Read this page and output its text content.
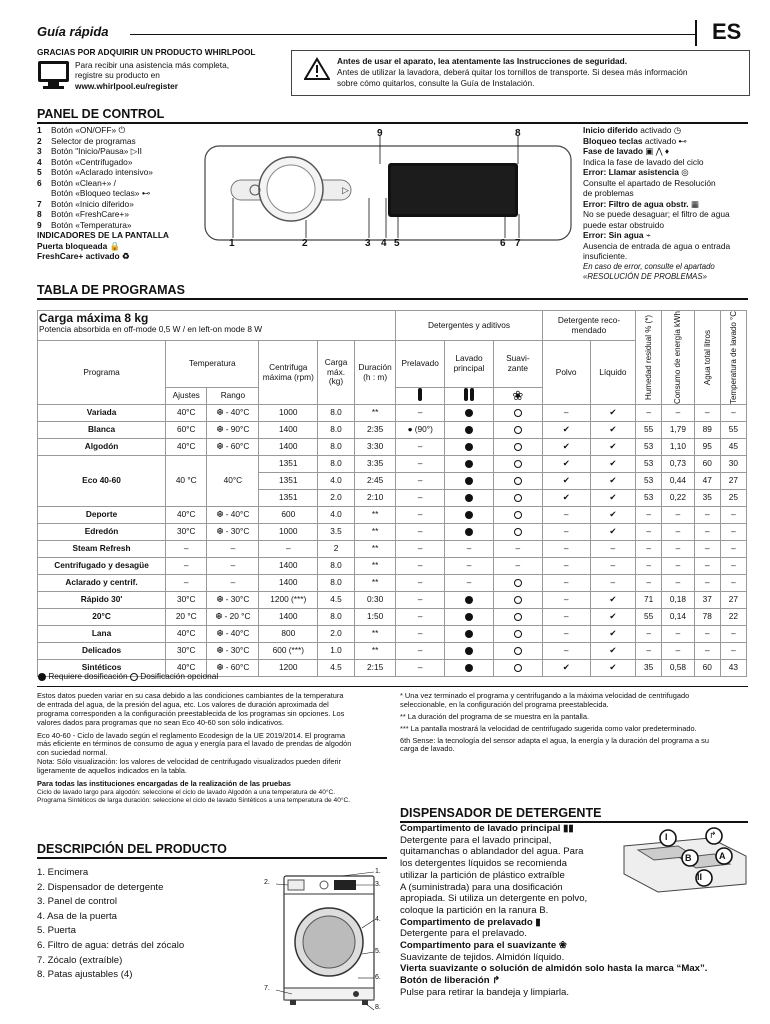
Guía rápida	ES
GRACIAS POR ADQUIRIR UN PRODUCTO WHIRLPOOL
Para recibir una asistencia más completa,
registre su producto en
www.whirlpool.eu/register
Antes de usar el aparato, lea atentamente las Instrucciones de seguridad.
Antes de utilizar la lavadora, deberá quitar los tornillos de transporte. Si desea más información
sobre cómo quitarlos, consulte la Guía de Instalación.
PANEL DE CONTROL
1 Botón «ON/OFF» ⏻
2 Selector de programas
3 Botón "Inicio/Pausa» ▷II
4 Botón «Centrifugado»
5 Botón «Aclarado intensivo»
6 Botón «Clean+» /
Botón «Bloqueo teclas» ⊷
7 Botón «Inicio diferido»
8 Botón «FreshCare+»
9 Botón «Temperatura»
INDICADORES DE LA PANTALLA
Puerta bloqueada 🔒
FreshCare+ activado ♻
▷
9	8
1	2	3 4 5	6 7
Inicio diferido activado ◷
Bloqueo teclas activado ⊷
Fase de lavado ▣ ⋀ ♦
Indica la fase de lavado del ciclo
Error: Llamar asistencia ◎
Consulte el apartado de Resolución
de problemas
Error: Filtro de agua obstr. ▦
No se puede desaguar; el filtro de agua
puede estar obstruido
Error: Sin agua ⌁
Ausencia de entrada de agua o entrada
insuficiente.
En caso de error, consulte el apartado
«RESOLUCIÓN DE PROBLEMAS»
TABLA DE PROGRAMAS
Carga máxima 8 kg
Potencia absorbida en off-mode 0,5 W / en left-on mode 8 W						Detergentes y aditivos			Detergente reco- mendado		Humedad residual % (*)	Consumo de energía kWh	Agua total litros	Temperatura de lavado °C

Programa	Temperatura		Centrifuga máxima (rpm)	Carga máx. (kg)	Duración (h : m)	Prelavado	Lavado principal	Suavi- zante	Polvo	Líquido				
	Ajustes	Rango						❀						
Variada	40°C	❆ - 40°C	1000	8.0	**	–			–	✔	–	–	–	–
Blanca	60°C	❆ - 90°C	1400	8.0	2:35	● (90°)			✔	✔	55	1,79	89	55
Algodón	40°C	❆ - 60°C	1400	8.0	3:30	–			✔	✔	53	1,10	95	45
Eco 40-60	40 °C	40°C	1351	8.0	3:35	–			✔	✔	53	0,73	60	30
			1351	4.0	2:45	–			✔	✔	53	0,44	47	27
			1351	2.0	2:10	–			✔	✔	53	0,22	35	25
Deporte	40°C	❆ - 40°C	600	4.0	**	–			–	✔	–	–	–	–
Edredón	30°C	❆ - 30°C	1000	3.5	**	–			–	✔	–	–	–	–
Steam Refresh	–	–	–	2	**	–	–	–	–	–	–	–	–	–
Centrifugado y desagüe	–	–	1400	8.0	**	–	–	–	–	–	–	–	–	–
Aclarado y centrif.	–	–	1400	8.0	**	–	–		–	–	–	–	–	–
Rápido 30'	30°C	❆ - 30°C	1200 (***)	4.5	0:30	–			–	✔	71	0,18	37	27
20°C	20 °C	❆ - 20 °C	1400	8.0	1:50	–			–	✔	55	0,14	78	22
Lana	40°C	❆ - 40°C	800	2.0	**	–			–	✔	–	–	–	–
Delicados	30°C	❆ - 30°C	600 (***)	1.0	**	–			–	✔	–	–	–	–
Sintéticos	40°C	❆ - 60°C	1200	4.5	2:15	–			✔	✔	35	0,58	60	43
Requiere dosificación Dosificación opcional
Estos datos pueden variar en su casa debido a las condiciones cambiantes de la temperatura
de entrada del agua, de la presión del agua, etc. Los valores de duración aproximada del
programa corresponden a la configuración preestablecida de los programas sin opciones. Los
valores dados para programas que no sean Eco 40-60 son sólo indicativos.
Eco 40-60 - Ciclo de lavado según el reglamento Ecodesign de la UE 2019/2014. El programa
más eficiente en términos de consumo de agua y energía para el lavado de prendas de algodón
con suciedad normal.
Nota: Sólo visualización: los valores de velocidad de centrifugado visualizados pueden diferir
ligeramente de aquellos indicados en la tabla.
Para todas las instituciones encargadas de la realización de las pruebas
Ciclo de lavado largo para algodón: seleccione el ciclo de lavado Algodón a una temperatura de 40°C.
Programa Sintéticos de larga duración: seleccione el ciclo de lavado Sintéticos a una temperatura de 40°C.
* Una vez terminado el programa y centrifugando a la máxima velocidad de centrifugado
seleccionable, en la configuración del programa preestablecida.
** La duración del programa de se muestra en la pantalla.
*** La pantalla mostrará la velocidad de centrifugado sugerida como valor predeterminado.
6th Sense: la tecnología del sensor adapta el agua, la energía y la duración del programa a su
carga de lavado.
DESCRIPCIÓN DEL PRODUCTO
1. Encimera
2. Dispensador de detergente
3. Panel de control
4. Asa de la puerta
5. Puerta
6. Filtro de agua: detrás del zócalo
7. Zócalo (extraíble)
8. Patas ajustables (4)
1.
2.	3.
4.
5.
6.
7.
8.
DISPENSADOR DE DETERGENTE
Compartimento de lavado principal ▮▮
Detergente para el lavado principal,
quitamanchas o ablandador del agua. Para
los detergentes líquidos se recomienda
utilizar la partición de plástico extraíble
A (suministrada) para una dosificación
apropiada. Si utiliza un detergente en polvo,
coloque la partición en la ranura B.
Compartimento de prelavado ▮
Detergente para el prelavado.
Compartimento para el suavizante ❀
Suavizante de tejidos. Almidón líquido.
Vierta suavizante o solución de almidón solo hasta la marca “Max”.
Botón de liberación ↱
Pulse para retirar la bandeja y limpiarla.
I	↱
II
A
B
